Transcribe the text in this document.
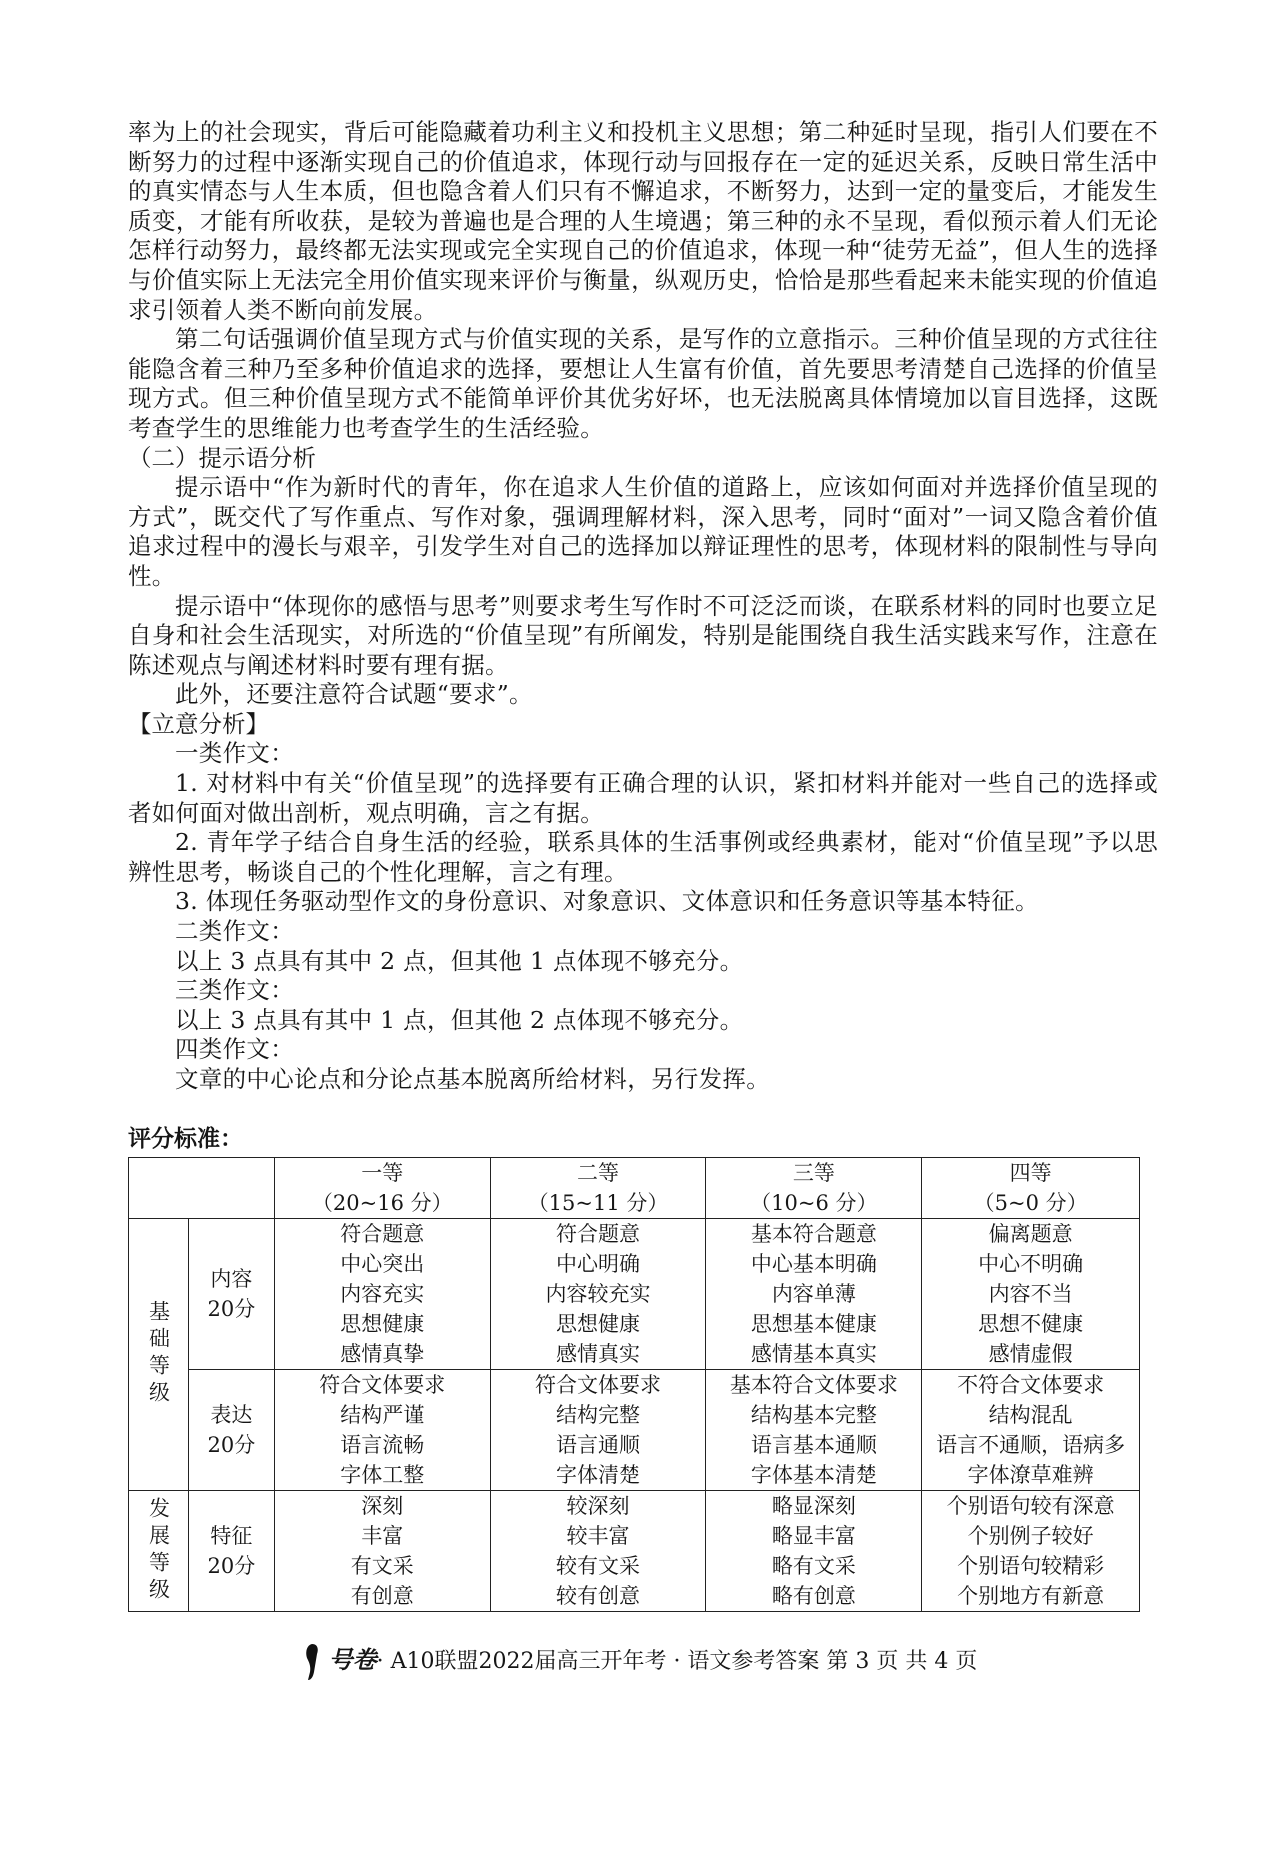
率为上的社会现实，背后可能隐藏着功利主义和投机主义思想；第二种延时呈现，指引人们要在不断努力的过程中逐渐实现自己的价值追求，体现行动与回报存在一定的延迟关系，反映日常生活中的真实情态与人生本质，但也隐含着人们只有不懈追求，不断努力，达到一定的量变后，才能发生质变，才能有所收获，是较为普遍也是合理的人生境遇；第三种的永不呈现，看似预示着人们无论怎样行动努力，最终都无法实现或完全实现自己的价值追求，体现一种“徒劳无益”，但人生的选择与价值实际上无法完全用价值实现来评价与衡量，纵观历史，恰恰是那些看起来未能实现的价值追求引领着人类不断向前发展。

第二句话强调价值呈现方式与价值实现的关系，是写作的立意指示。三种价值呈现的方式往往能隐含着三种乃至多种价值追求的选择，要想让人生富有价值，首先要思考清楚自己选择的价值呈现方式。但三种价值呈现方式不能简单评价其优劣好坏，也无法脱离具体情境加以盲目选择，这既考查学生的思维能力也考查学生的生活经验。

（二）提示语分析

提示语中“作为新时代的青年，你在追求人生价值的道路上，应该如何面对并选择价值呈现的方式”，既交代了写作重点、写作对象，强调理解材料，深入思考，同时“面对”一词又隐含着价值追求过程中的漫长与艰辛，引发学生对自己的选择加以辩证理性的思考，体现材料的限制性与导向性。

提示语中“体现你的感悟与思考”则要求考生写作时不可泛泛而谈，在联系材料的同时也要立足自身和社会生活现实，对所选的“价值呈现”有所阐发，特别是能围绕自我生活实践来写作，注意在陈述观点与阐述材料时要有理有据。

此外，还要注意符合试题“要求”。

【立意分析】

一类作文：

1. 对材料中有关“价值呈现”的选择要有正确合理的认识，紧扣材料并能对一些自己的选择或者如何面对做出剖析，观点明确，言之有据。

2. 青年学子结合自身生活的经验，联系具体的生活事例或经典素材，能对“价值呈现”予以思辨性思考，畅谈自己的个性化理解，言之有理。

3. 体现任务驱动型作文的身份意识、对象意识、文体意识和任务意识等基本特征。

二类作文：

以上 3 点具有其中 2 点，但其他 1 点体现不够充分。

三类作文：

以上 3 点具有其中 1 点，但其他 2 点体现不够充分。

四类作文：

文章的中心论点和分论点基本脱离所给材料，另行发挥。

评分标准：

		一等
（20~16 分）	二等
（15~11 分）	三等
（10~6 分）	四等
（5~0 分）

基础等级	内容
20分	符合题意
中心突出
内容充实
思想健康
感情真挚	符合题意
中心明确
内容较充实
思想健康
感情真实	基本符合题意
中心基本明确
内容单薄
思想基本健康
感情基本真实	偏离题意
中心不明确
内容不当
思想不健康
感情虚假

	表达
20分	符合文体要求
结构严谨
语言流畅
字体工整	符合文体要求
结构完整
语言通顺
字体清楚	基本符合文体要求
结构基本完整
语言基本通顺
字体基本清楚	不符合文体要求
结构混乱
语言不通顺，语病多
字体潦草难辨

发展等级	特征
20分	深刻
丰富
有文采
有创意	较深刻
较丰富
较有文采
较有创意	略显深刻
略显丰富
略有文采
略有创意	个别语句较有深意
个别例子较好
个别语句较精彩
个别地方有新意
号卷· A10联盟2022届高三开年考 · 语文参考答案 第 3 页 共 4 页
